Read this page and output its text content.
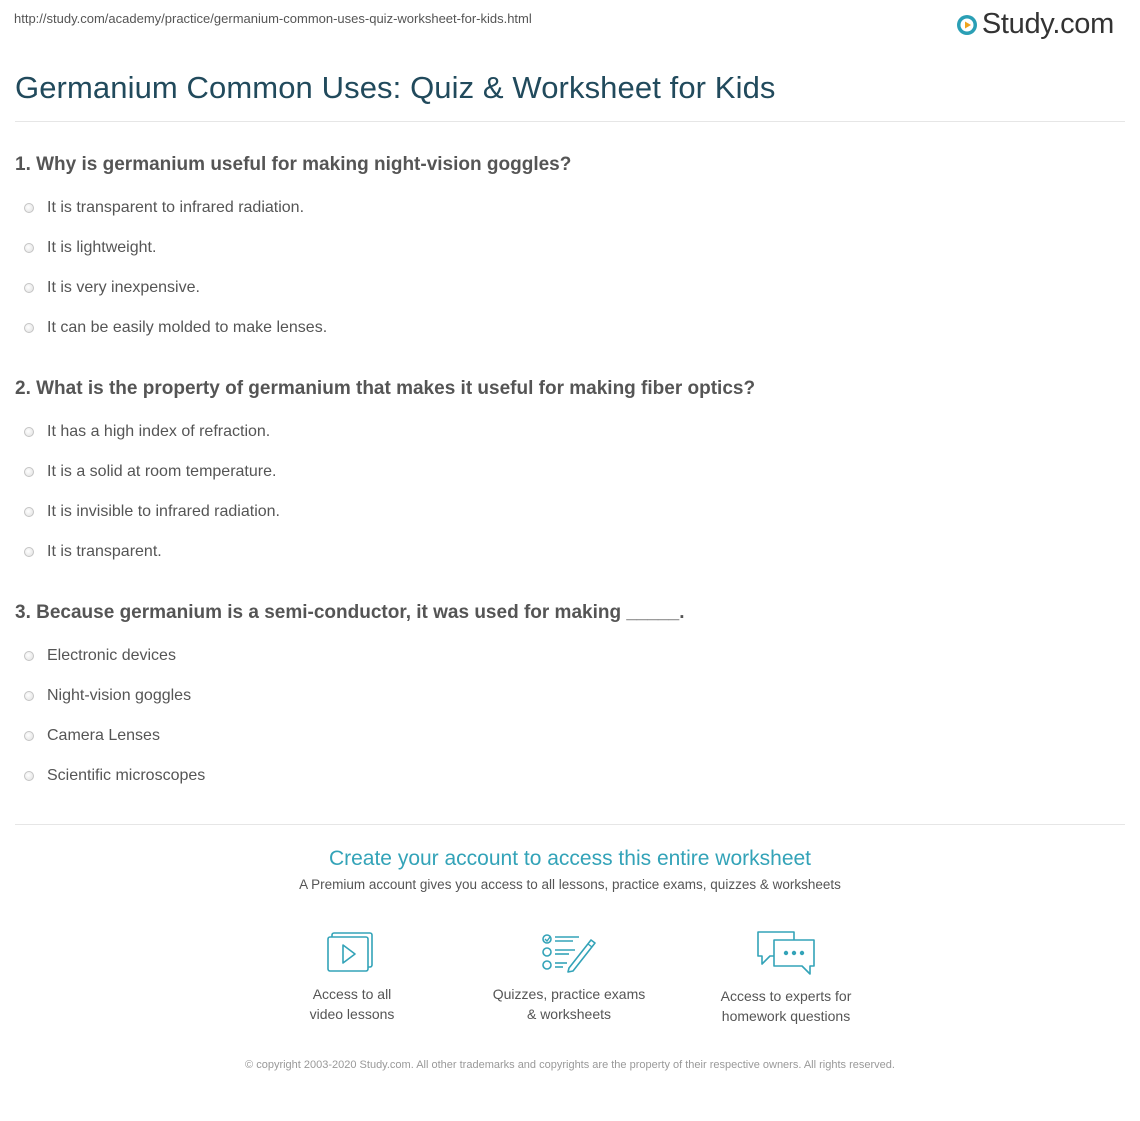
http://study.com/academy/practice/germanium-common-uses-quiz-worksheet-for-kids.html	Study.com
Germanium Common Uses: Quiz & Worksheet for Kids

1. Why is germanium useful for making night-vision goggles?

It is transparent to infrared radiation.
It is lightweight.
It is very inexpensive.
It can be easily molded to make lenses.

2. What is the property of germanium that makes it useful for making fiber optics?

It has a high index of refraction.
It is a solid at room temperature.
It is invisible to infrared radiation.
It is transparent.

3. Because germanium is a semi-conductor, it was used for making _____.

Electronic devices
Night-vision goggles
Camera Lenses
Scientific microscopes

Create your account to access this entire worksheet

A Premium account gives you access to all lessons, practice exams, quizzes & worksheets
Access to all
video lessons
Quizzes, practice exams
& worksheets
Access to experts for
homework questions
© copyright 2003-2020 Study.com. All other trademarks and copyrights are the property of their respective owners. All rights reserved.
